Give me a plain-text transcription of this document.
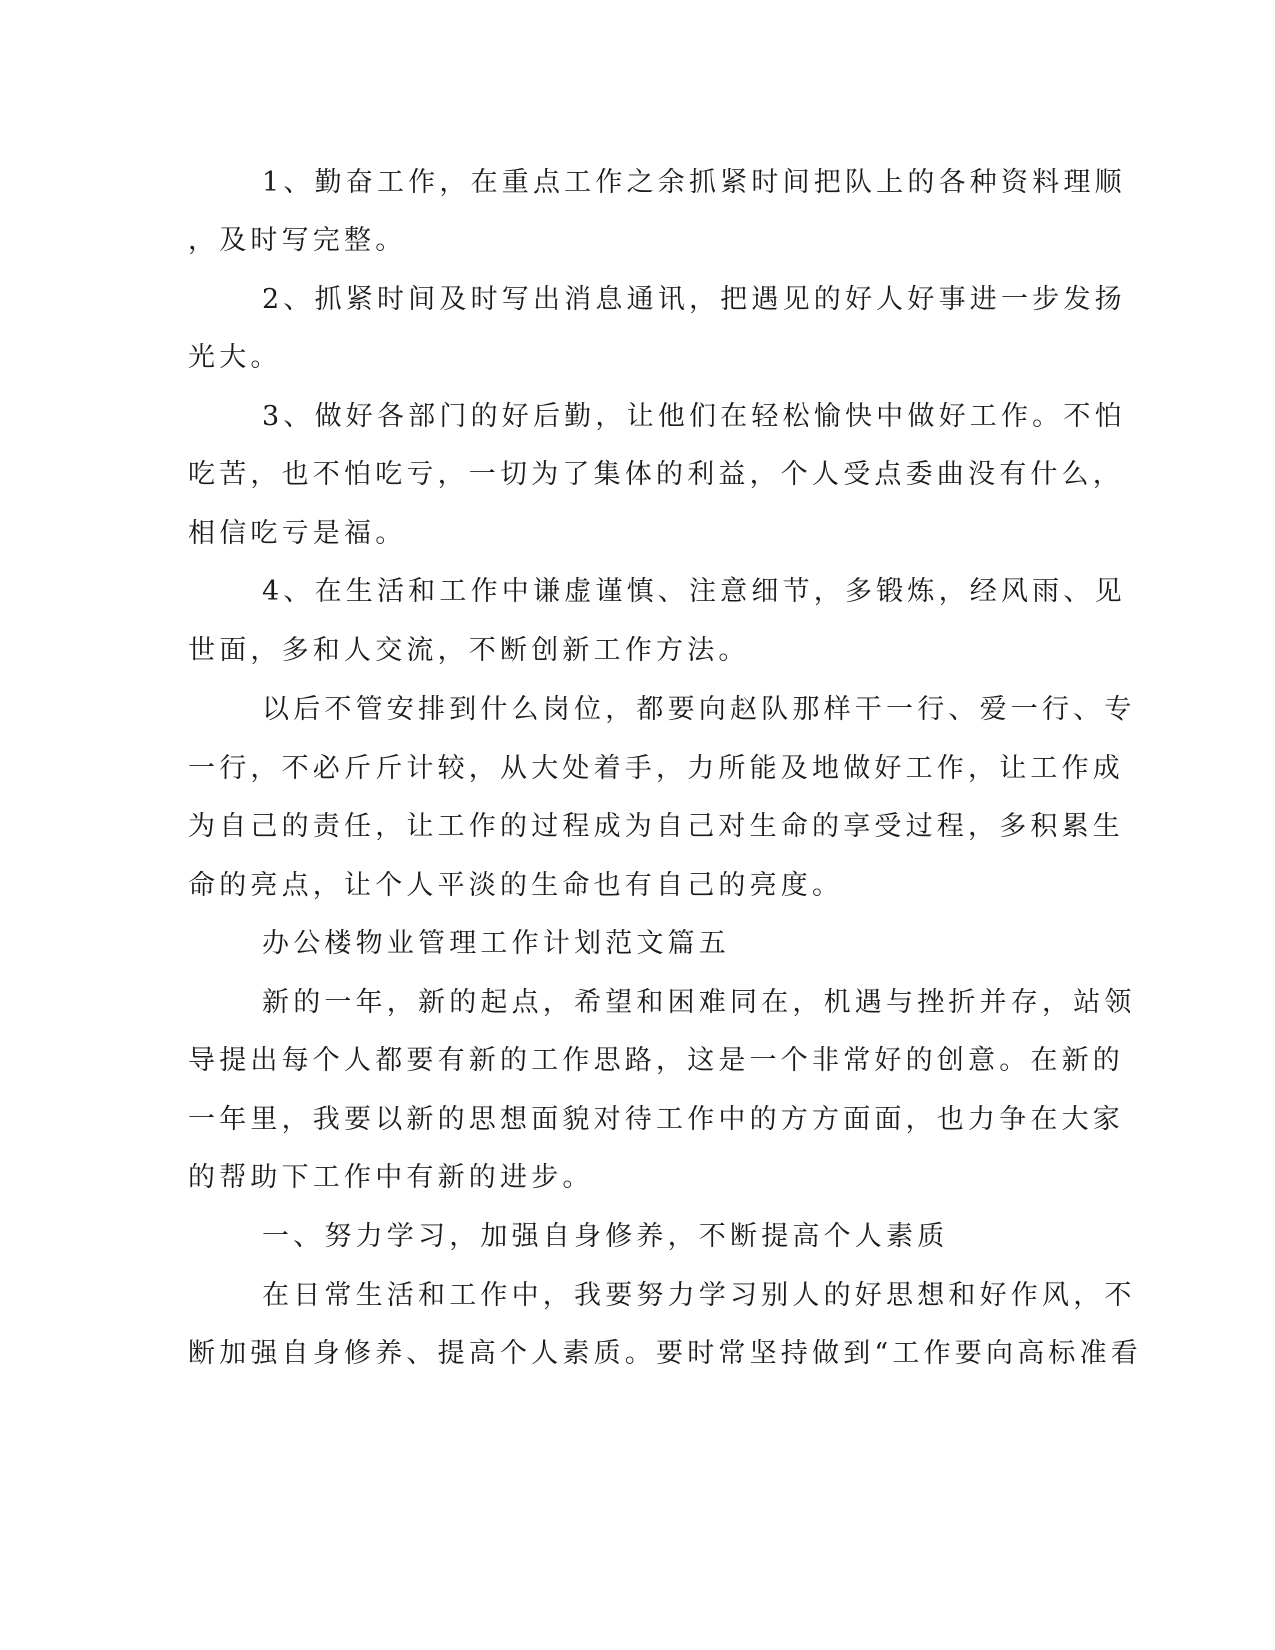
1、勤奋工作，在重点工作之余抓紧时间把队上的各种资料理顺

，及时写完整。

2、抓紧时间及时写出消息通讯，把遇见的好人好事进一步发扬

光大。

3、做好各部门的好后勤，让他们在轻松愉快中做好工作。不怕

吃苦，也不怕吃亏，一切为了集体的利益，个人受点委曲没有什么，

相信吃亏是福。

4、在生活和工作中谦虚谨慎、注意细节，多锻炼，经风雨、见

世面，多和人交流，不断创新工作方法。

以后不管安排到什么岗位，都要向赵队那样干一行、爱一行、专

一行，不必斤斤计较，从大处着手，力所能及地做好工作，让工作成

为自己的责任，让工作的过程成为自己对生命的享受过程，多积累生

命的亮点，让个人平淡的生命也有自己的亮度。

办公楼物业管理工作计划范文篇五

新的一年，新的起点，希望和困难同在，机遇与挫折并存，站领

导提出每个人都要有新的工作思路，这是一个非常好的创意。在新的

一年里，我要以新的思想面貌对待工作中的方方面面，也力争在大家

的帮助下工作中有新的进步。

一、努力学习，加强自身修养，不断提高个人素质

在日常生活和工作中，我要努力学习别人的好思想和好作风，不

断加强自身修养、提高个人素质。要时常坚持做到“工作要向高标准看
